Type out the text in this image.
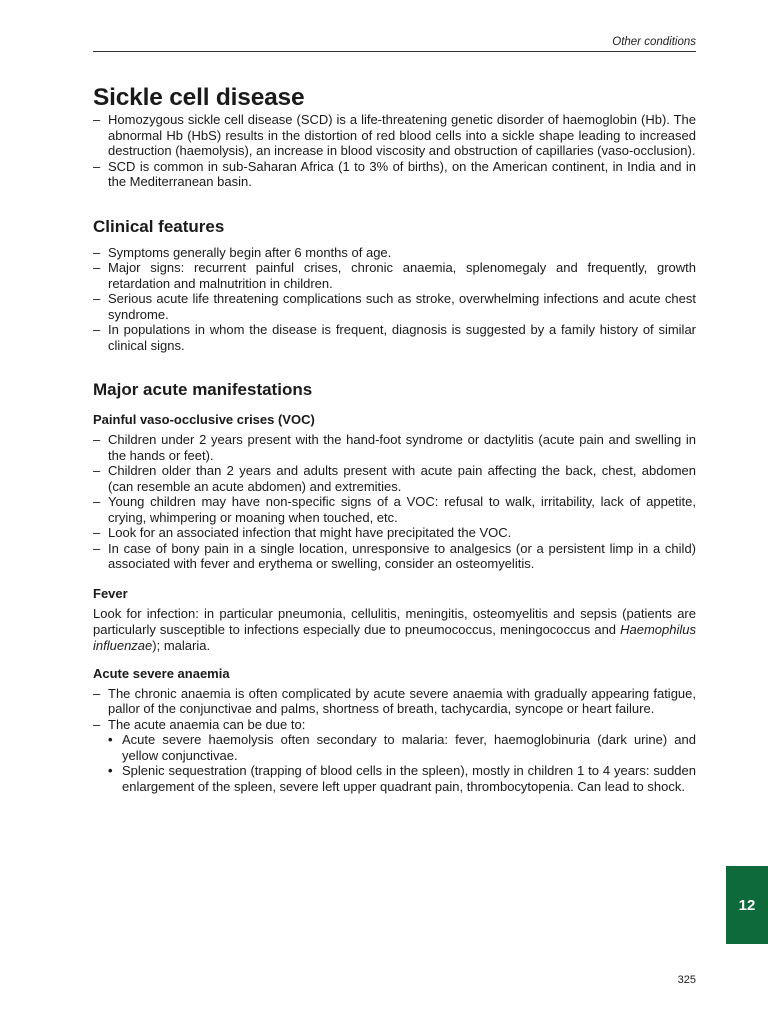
Other conditions
Sickle cell disease
– Homozygous sickle cell disease (SCD) is a life-threatening genetic disorder of haemoglobin (Hb). The abnormal Hb (HbS) results in the distortion of red blood cells into a sickle shape leading to increased destruction (haemolysis), an increase in blood viscosity and obstruction of capillaries (vaso-occlusion).
– SCD is common in sub-Saharan Africa (1 to 3% of births), on the American continent, in India and in the Mediterranean basin.
Clinical features
– Symptoms generally begin after 6 months of age.
– Major signs: recurrent painful crises, chronic anaemia, splenomegaly and frequently, growth retardation and malnutrition in children.
– Serious acute life threatening complications such as stroke, overwhelming infections and acute chest syndrome.
– In populations in whom the disease is frequent, diagnosis is suggested by a family history of similar clinical signs.
Major acute manifestations
Painful vaso-occlusive crises (VOC)
– Children under 2 years present with the hand-foot syndrome or dactylitis (acute pain and swelling in the hands or feet).
– Children older than 2 years and adults present with acute pain affecting the back, chest, abdomen (can resemble an acute abdomen) and extremities.
– Young children may have non-specific signs of a VOC: refusal to walk, irritability, lack of appetite, crying, whimpering or moaning when touched, etc.
– Look for an associated infection that might have precipitated the VOC.
– In case of bony pain in a single location, unresponsive to analgesics (or a persistent limp in a child) associated with fever and erythema or swelling, consider an osteomyelitis.
Fever

Look for infection: in particular pneumonia, cellulitis, meningitis, osteomyelitis and sepsis (patients are particularly susceptible to infections especially due to pneumococcus, meningococcus and Haemophilus influenzae); malaria.

Acute severe anaemia
– The chronic anaemia is often complicated by acute severe anaemia with gradually appearing fatigue, pallor of the conjunctivae and palms, shortness of breath, tachycardia, syncope or heart failure.
– The acute anaemia can be due to:
• Acute severe haemolysis often secondary to malaria: fever, haemoglobinuria (dark urine) and yellow conjunctivae.
• Splenic sequestration (trapping of blood cells in the spleen), mostly in children 1 to 4 years: sudden enlargement of the spleen, severe left upper quadrant pain, thrombocytopenia. Can lead to shock.
12
325
